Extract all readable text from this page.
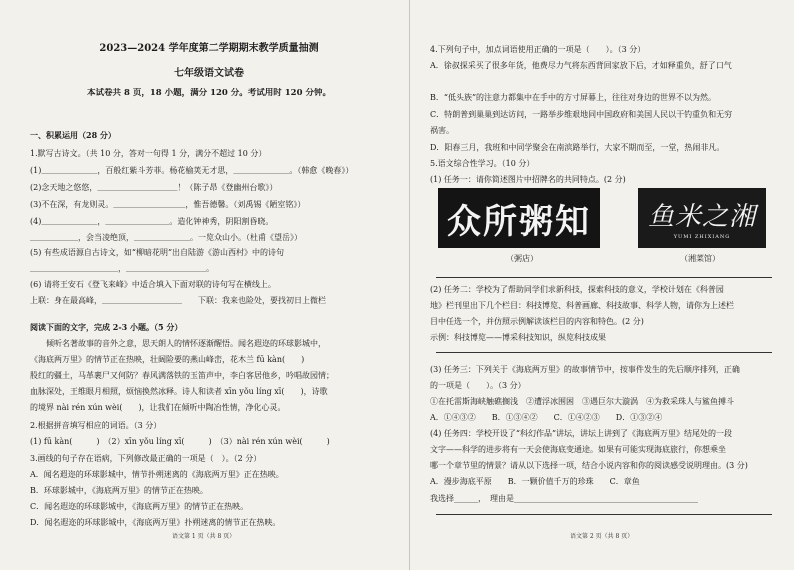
2023—2024 学年度第二学期期末教学质量抽测
七年级语文试卷
本试卷共 8 页，18 小题，满分 120 分。考试用时 120 分钟。
一、积累运用（28 分）
1.默写古诗文。（共 10 分，答对一句得 1 分，满分不超过 10 分）
(1)＿＿＿＿＿＿＿，百般红紫斗芳菲。杨花榆荚无才思，＿＿＿＿＿＿＿。（韩愈《晚春》）
(2)念天地之悠悠，＿＿＿＿＿＿＿＿＿＿！（陈子昂《登幽州台歌》）
(3)不在深，有龙则灵。＿＿＿＿＿＿＿＿＿，惟吾德馨。（刘禹锡《陋室铭》）
(4)＿＿＿＿＿＿＿，＿＿＿＿＿＿＿＿。造化钟神秀，阴阳割昏晓。
＿＿＿＿＿＿，会当凌绝顶，＿＿＿＿＿＿＿。一览众山小。（杜甫《望岳》）
(5) 有些成语源自古诗文，如“柳暗花明”出自陆游《游山西村》中的诗句
＿＿＿＿＿＿＿＿＿＿＿，＿＿＿＿＿＿＿＿＿＿。
(6) 请将王安石《登飞来峰》中适合填入下面对联的诗句写在横线上。
上联：身在最高峰，＿＿＿＿＿＿＿＿＿＿　　下联：我来也险处，要找初日上微栏
阅读下面的文字，完成 2-3 小题。（5 分）
　　倾听名著故事的音外之意，思天朗人的情怀逐渐醒悟。闻名遐迩的环球影城中，
《海底两万里》的情节正在热映，壮阔险要的燕山峰峦，花木兰 fū kàn(　　)
股红的疆土，马革裹尸又何防？春风满落铁的玉笛声中，李白客居他乡，吟唱故园情；
血脉深处，王维眼月相照，烦恼换然冰释。诗人和读者 xīn yǒu líng xī(　　)，诗歌
的境界 nài rén xún wèi(　　)，让我们在倾听中陶冶性情，净化心灵。
2.根据拼音填写相应的词语。（3 分）
(1) fū kàn(　　　)　（2）xīn yǒu líng xī(　　　)　（3）nài rén xún wèi(　　　)
3.画线的句子存在语病，下列修改最正确的一项是（　）。（2 分）
A．闻名遐迩的环球影城中，情节扑朔迷离的《海底两万里》正在热映。
B．环球影城中，《海底两万里》的情节正在热映。
C．闻名遐迩的环球影城中，《海底两万里》的情节正在热映。
D．闻名遐迩的环球影城中，《海底两万里》扑朔迷离的情节正在热映。
语文第 1 页（共 8 页）
4.下列句子中，加点词语使用正确的一项是（　　）。（3 分）
A．徐叔探采买了很多年货，他费尽力气将东西背回家放下后，才如释重负，舒了口气
B．“低头族”的注意力都集中在手中的方寸屏幕上，往往对身边的世界不以为然。
C．特朗普到巢巢到达访问，一路举步维艰地同中国政府和美国人民以干钓重负和无穷
祸害。
D．阳春三月，我班和中同学聚会在南滨路举行，大家不期而至，一堂，热闹非凡。
5.语文综合性学习。（10 分）
(1) 任务一：请你简述图片中招牌名的共同特点。(2 分)
众所粥知 鱼米之湘
YUMI ZHIXIANG
（粥店）	（湘菜馆）
(2) 任务二：学校为了帮助同学们求新科技，探索科技的意义，学校计划在《科普园
地》栏刊里出下几个栏目：科技博览、科普画廊、科技故事、科学人物，请你为上述栏
目中任选一个，并仿照示例解读该栏目的内容和特色。(2 分)
示例：科技博览——博采科技知识，纵览科技成果
(3) 任务三：下列关于《海底两万里》的故事情节中，按事件发生的先后顺序排列，正确
的一项是（　　）。（3 分）
①在托雷斯海峡触礁搁浅　②遭浮冰围困　③遇巨尔大漩涡　④为救采珠人与鲨鱼搏斗
A．①④③②　　B．①③④②　　C．①④②③　　D．①③②④
(4) 任务四：学校开设了“科幻作品”讲坛，讲坛上讲到了《海底两万里》结尾处的一段
文字——科学的进步将有一天会使海底变通途。如果有可能实现海底旅行，你想乘坐
哪一个章节里的情景？请从以下选择一项，结合小说内容和你的阅读感受说明理由。(3 分)
A．漫步海底平原　　B．一颗价值千万的珍珠　　C．章鱼
我选择______，　理由是______________________________________________
语文第 2 页（共 8 页）
